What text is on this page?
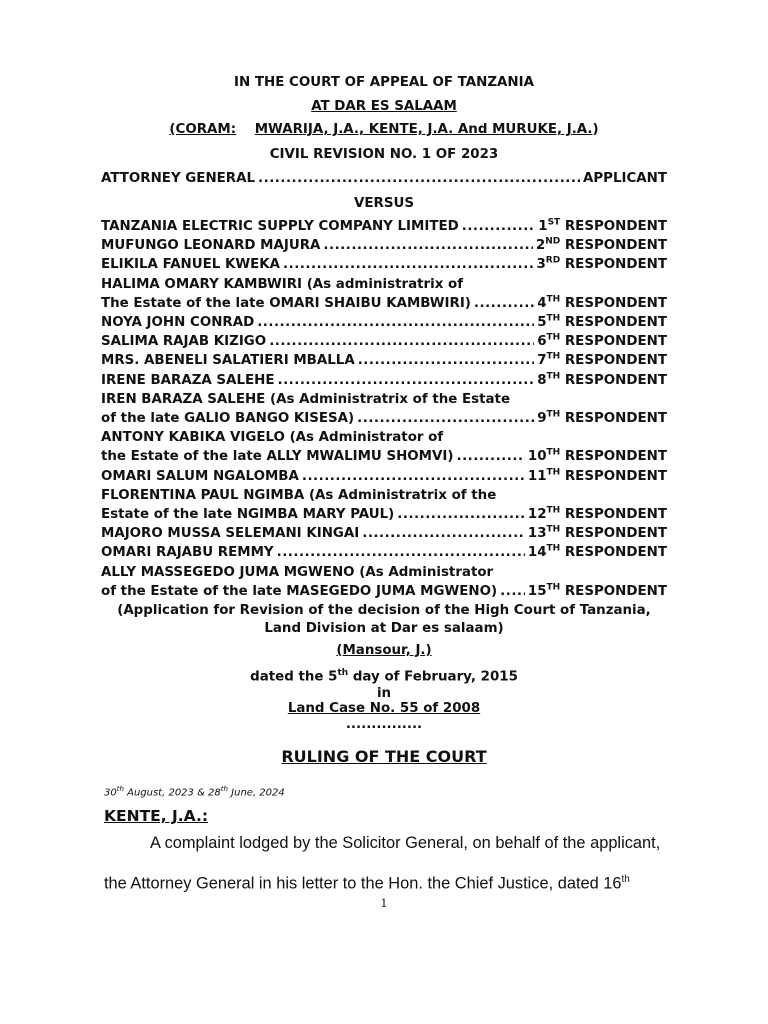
IN THE COURT OF APPEAL OF TANZANIA
AT DAR ES SALAAM
(CORAM: MWARIJA, J.A., KENTE, J.A. And MURUKE, J.A.)
CIVIL REVISION NO. 1 OF 2023
ATTORNEY GENERAL .....	APPLICANT
VERSUS
TANZANIA ELECTRIC SUPPLY COMPANY LIMITED .....	1ST RESPONDENT
MUFUNGO LEONARD MAJURA .....	2ND RESPONDENT
ELIKILA FANUEL KWEKA .....	3RD RESPONDENT
HALIMA OMARY KAMBWIRI (As administratrix of
The Estate of the late OMARI SHAIBU KAMBWIRI) .....	4TH RESPONDENT
NOYA JOHN CONRAD .....	5TH RESPONDENT
SALIMA RAJAB KIZIGO .....	6TH RESPONDENT
MRS. ABENELI SALATIERI MBALLA .....	7TH RESPONDENT
IRENE BARAZA SALEHE .....	8TH RESPONDENT
IREN BARAZA SALEHE (As Administratrix of the Estate
of the late GALIO BANGO KISESA) .....	9TH RESPONDENT
ANTONY KABIKA VIGELO (As Administrator of
the Estate of the late ALLY MWALIMU SHOMVI) .....	10TH RESPONDENT
OMARI SALUM NGALOMBA .....	11TH RESPONDENT
FLORENTINA PAUL NGIMBA (As Administratrix of the
Estate of the late NGIMBA MARY PAUL) .....	12TH RESPONDENT
MAJORO MUSSA SELEMANI KINGAI .....	13TH RESPONDENT
OMARI RAJABU REMMY .....	14TH RESPONDENT
ALLY MASSEGEDO JUMA MGWENO (As Administrator
of the Estate of the late MASEGEDO JUMA MGWENO) ..... 15TH RESPONDENT
(Application for Revision of the decision of the High Court of Tanzania,
Land Division at Dar es salaam)
(Mansour, J.)
dated the 5th day of February, 2015
in
Land Case No. 55 of 2008
...............
RULING OF THE COURT
30th August, 2023 & 28th June, 2024
KENTE, J.A.:
A complaint lodged by the Solicitor General, on behalf of the applicant,
the Attorney General in his letter to the Hon. the Chief Justice, dated 16th
1
